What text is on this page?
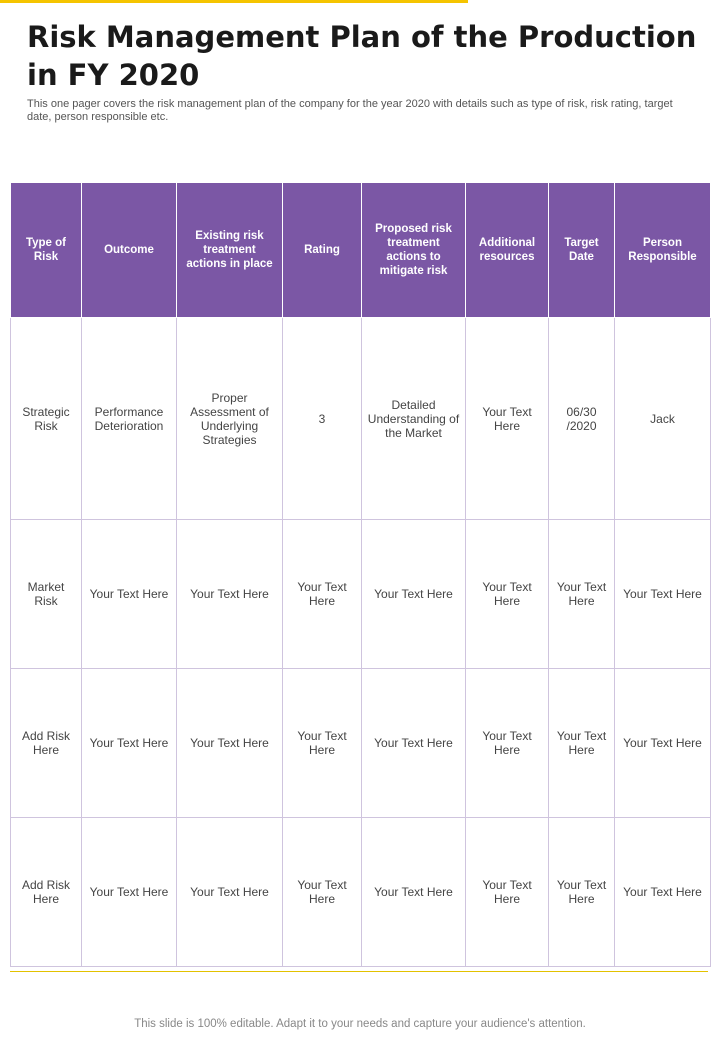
Risk Management Plan of the Production in FY 2020

This one pager covers the risk management plan of the company for the year 2020 with details such as type of risk, risk rating, target date, person responsible etc.

Type of Risk	Outcome	Existing risk treatment actions in place	Rating	Proposed risk treatment actions to mitigate risk	Additional resources	Target Date	Person Responsible
Strategic Risk	Performance Deterioration	Proper Assessment of Underlying Strategies	3	Detailed Understanding of the Market	Your Text Here	06/30 /2020	Jack
Market Risk	Your Text Here	Your Text Here	Your Text Here	Your Text Here	Your Text Here	Your Text Here	Your Text Here
Add Risk Here	Your Text Here	Your Text Here	Your Text Here	Your Text Here	Your Text Here	Your Text Here	Your Text Here
Add Risk Here	Your Text Here	Your Text Here	Your Text Here	Your Text Here	Your Text Here	Your Text Here	Your Text Here
This slide is 100% editable. Adapt it to your needs and capture your audience's attention.
